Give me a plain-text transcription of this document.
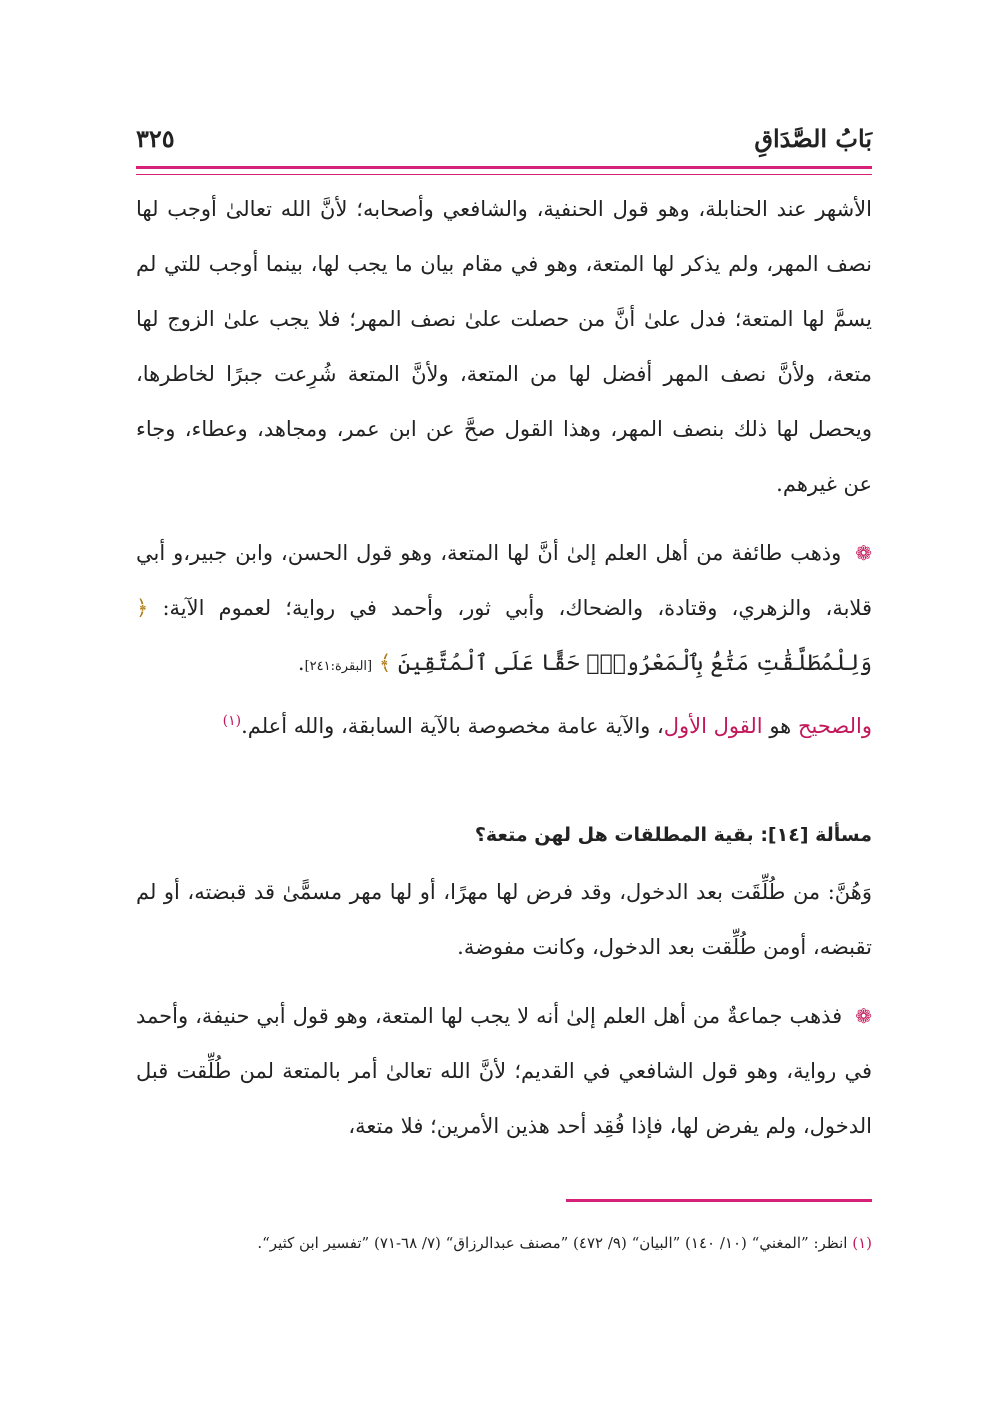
بَابُ الصَّدَاقِ
٣٢٥

الأشهر عند الحنابلة، وهو قول الحنفية، والشافعي وأصحابه؛ لأنَّ الله تعالىٰ أوجب لها نصف المهر، ولم يذكر لها المتعة، وهو في مقام بيان ما يجب لها، بينما أوجب للتي لم يسمَّ لها المتعة؛ فدل علىٰ أنَّ من حصلت علىٰ نصف المهر؛ فلا يجب علىٰ الزوج لها متعة، ولأنَّ نصف المهر أفضل لها من المتعة، ولأنَّ المتعة شُرِعت جبرًا لخاطرها، ويحصل لها ذلك بنصف المهر، وهذا القول صحَّ عن ابن عمر، ومجاهد، وعطاء، وجاء عن غيرهم.

❁ وذهب طائفة من أهل العلم إلىٰ أنَّ لها المتعة، وهو قول الحسن، وابن جبير،و أبي قلابة، والزهري، وقتادة، والضحاك، وأبي ثور، وأحمد في رواية؛ لعموم الآية: ﴿ وَلِلْمُطَلَّقَٰتِ مَتَٰعُۢ بِٱلْمَعْرُوفِۖ حَقًّا عَلَى ٱلْمُتَّقِينَ ﴾ [البقرة:٢٤١].

والصحيح هو القول الأول، والآية عامة مخصوصة بالآية السابقة، والله أعلم.$^{(١)}$

مسألة [١٤]: بقية المطلقات هل لهن متعة؟

وَهُنَّ: من طُلِّقَت بعد الدخول، وقد فرض لها مهرًا، أو لها مهر مسمًّىٰ قد قبضته، أو لم تقبضه، أومن طُلِّقت بعد الدخول، وكانت مفوضة.

❁ فذهب جماعةٌ من أهل العلم إلىٰ أنه لا يجب لها المتعة، وهو قول أبي حنيفة، وأحمد في رواية، وهو قول الشافعي في القديم؛ لأنَّ الله تعالىٰ أمر بالمتعة لمن طُلِّقت قبل الدخول، ولم يفرض لها، فإذا فُقِد أحد هذين الأمرين؛ فلا متعة،

(١) انظر: ”المغني“ (١٠/ ١٤٠) ”البيان“ (٩/ ٤٧٢) ”مصنف عبدالرزاق“ (٧/ ٦٨-٧١) ”تفسير ابن كثير“.
